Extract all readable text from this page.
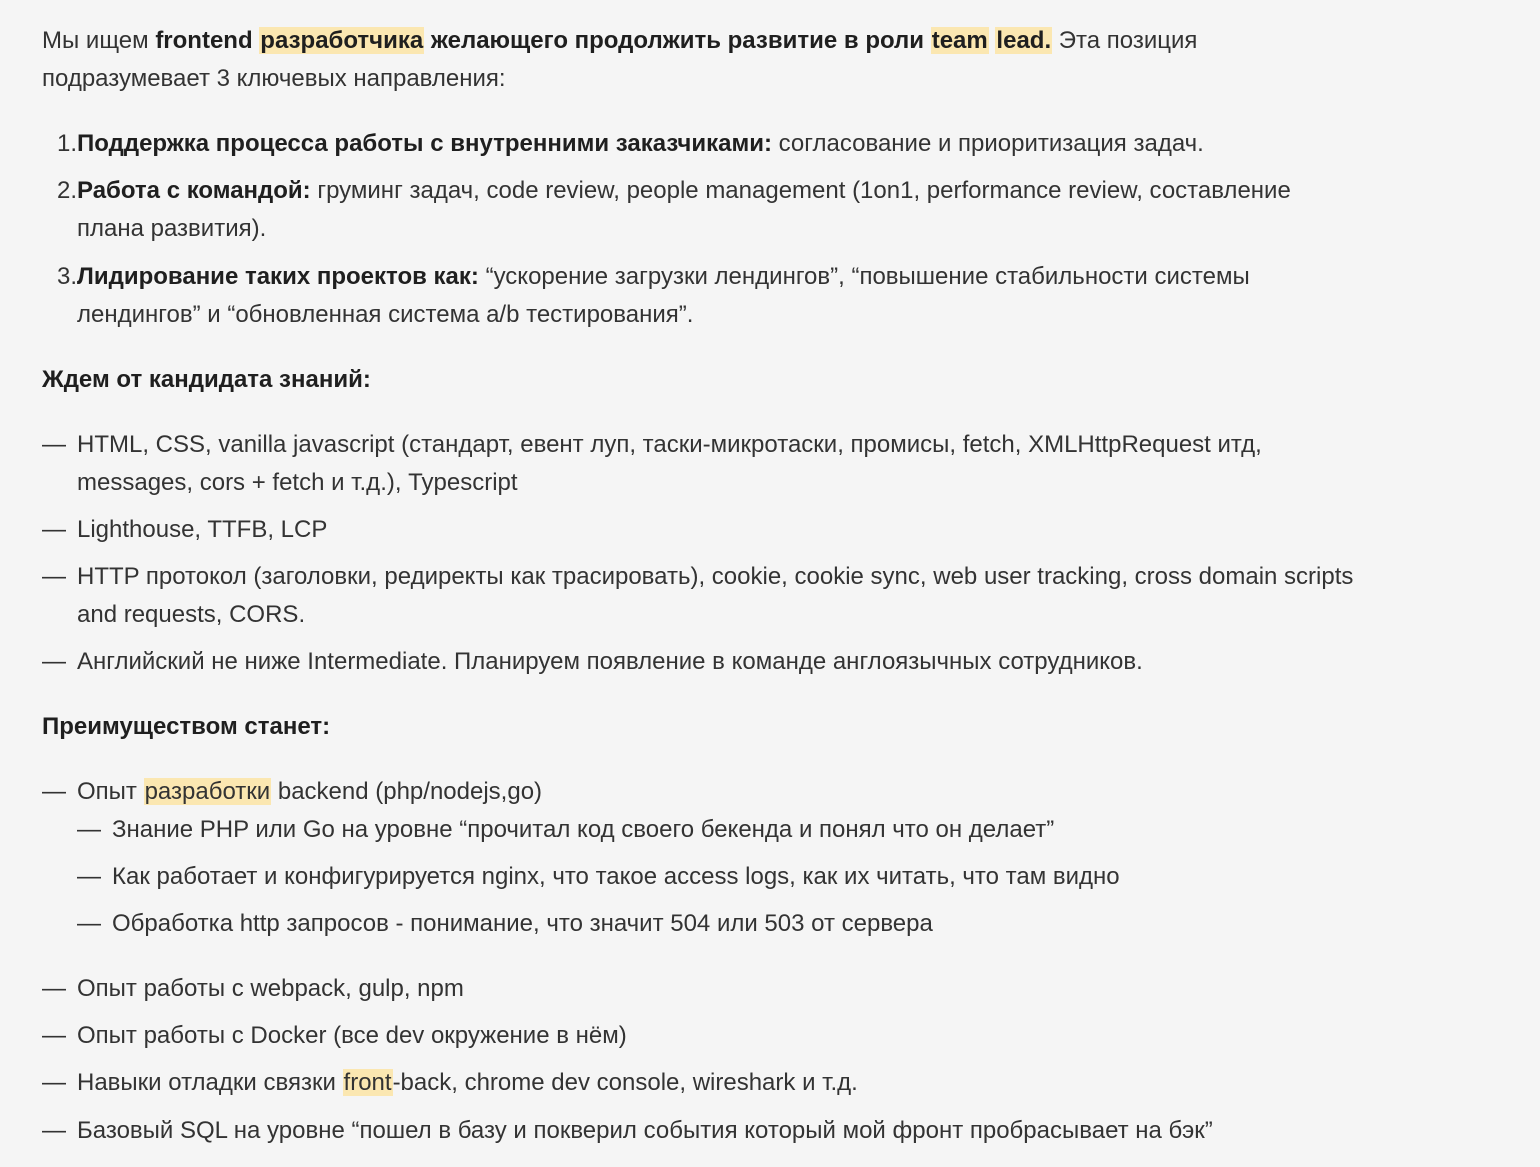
Мы ищем frontend разработчика желающего продолжить развитие в роли team lead. Эта позиция
подразумевает 3 ключевых направления:
1.Поддержка процесса работы с внутренними заказчиками: согласование и приоритизация задач.
2.Работа с командой: груминг задач, code review, people management (1on1, performance review, составление
плана развития).
3.Лидирование таких проектов как: “ускорение загрузки лендингов”, “повышение стабильности системы
лендингов” и “обновленная система a/b тестирования”.
Ждем от кандидата знаний:
— HTML, CSS, vanilla javascript (стандарт, евент луп, таски-микротаски, промисы, fetch, XMLHttpRequest итд,
messages, cors + fetch и т.д.), Typescript
— Lighthouse, TTFB, LCP
— HTTP протокол (заголовки, редиректы как трасировать), cookie, cookie sync, web user tracking, cross domain scripts
and requests, CORS.
— Английский не ниже Intermediate. Планируем появление в команде англоязычных сотрудников.
Преимуществом станет:
— Опыт разработки backend (php/nodejs,go)
— Знание PHP или Go на уровне “прочитал код своего бекенда и понял что он делает”
— Как работает и конфигурируется nginx, что такое access logs, как их читать, что там видно
— Обработка http запросов - понимание, что значит 504 или 503 от сервера
— Опыт работы с webpack, gulp, npm
— Опыт работы с Docker (все dev окружение в нём)
— Навыки отладки связки front-back, chrome dev console, wireshark и т.д.
— Базовый SQL на уровне “пошел в базу и покверил события который мой фронт пробрасывает на бэк”
